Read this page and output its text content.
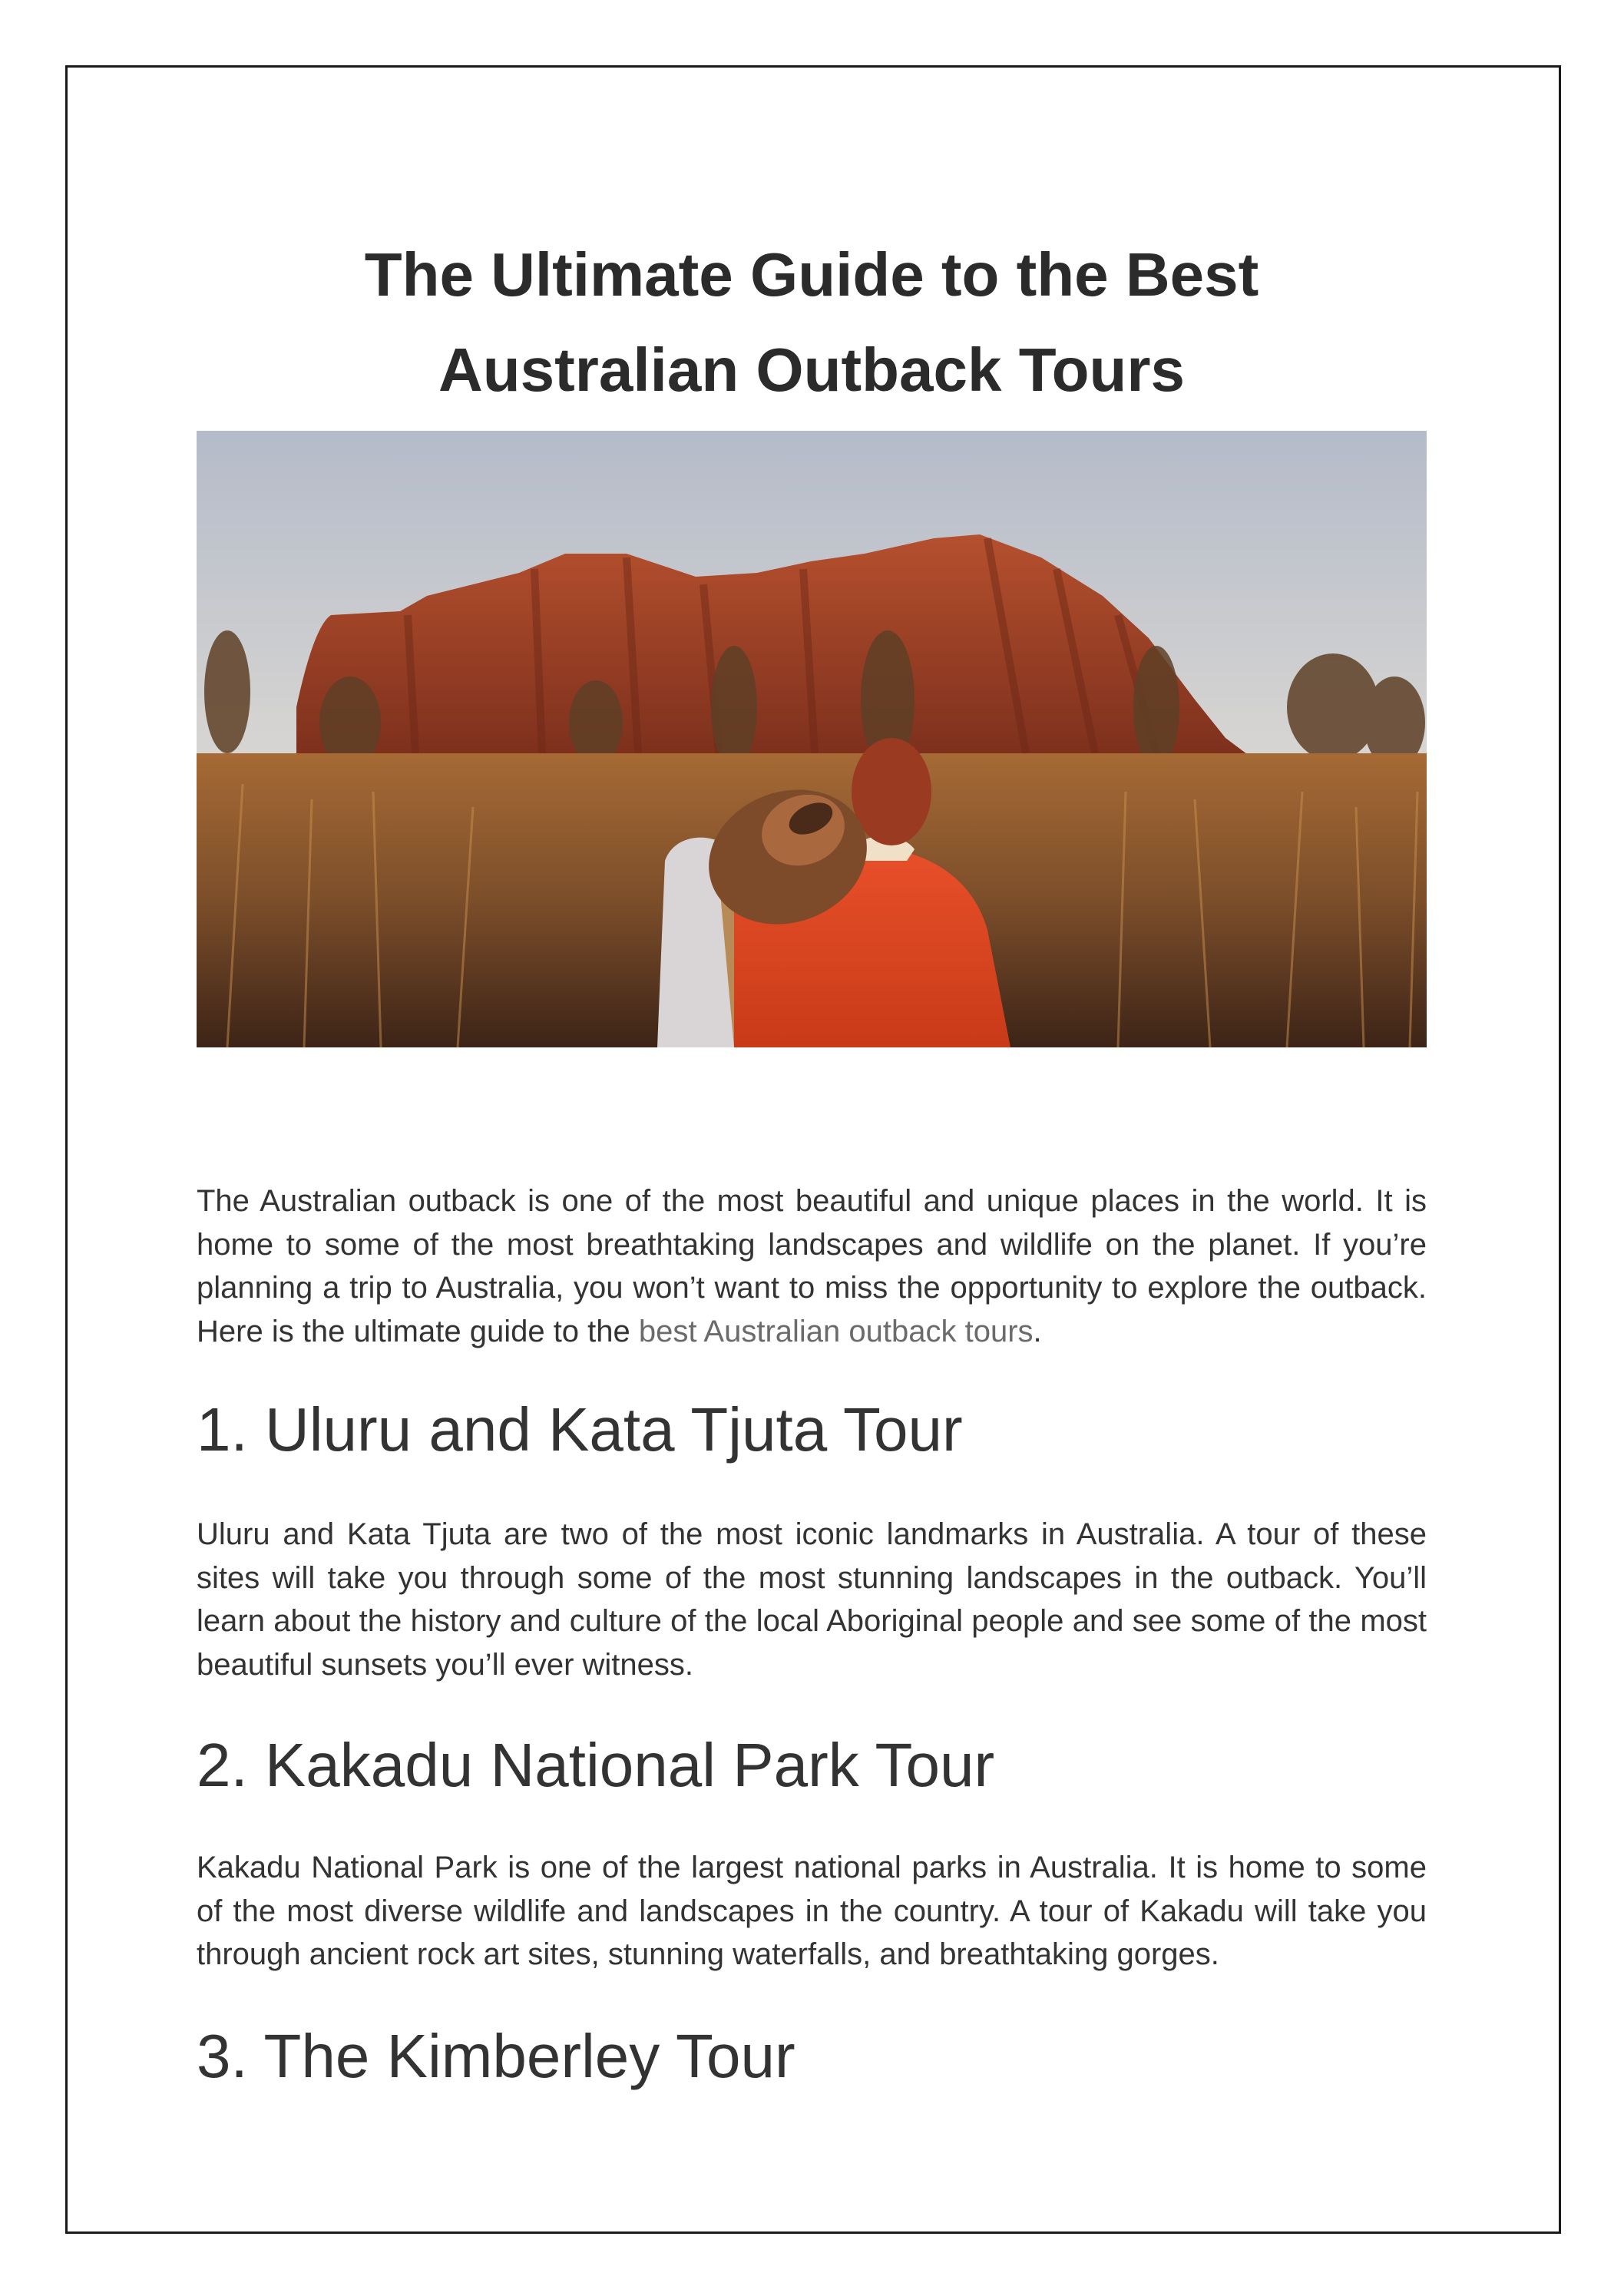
The Ultimate Guide to the Best
Australian Outback Tours

The Australian outback is one of the most beautiful and unique places in the world. It is home to some of the most breathtaking landscapes and wildlife on the planet. If you’re planning a trip to Australia, you won’t want to miss the opportunity to explore the outback. Here is the ultimate guide to the best Australian outback tours.

1. Uluru and Kata Tjuta Tour

Uluru and Kata Tjuta are two of the most iconic landmarks in Australia. A tour of these sites will take you through some of the most stunning landscapes in the outback. You’ll learn about the history and culture of the local Aboriginal people and see some of the most beautiful sunsets you’ll ever witness.

2. Kakadu National Park Tour

Kakadu National Park is one of the largest national parks in Australia. It is home to some of the most diverse wildlife and landscapes in the country. A tour of Kakadu will take you through ancient rock art sites, stunning waterfalls, and breathtaking gorges.

3. The Kimberley Tour
